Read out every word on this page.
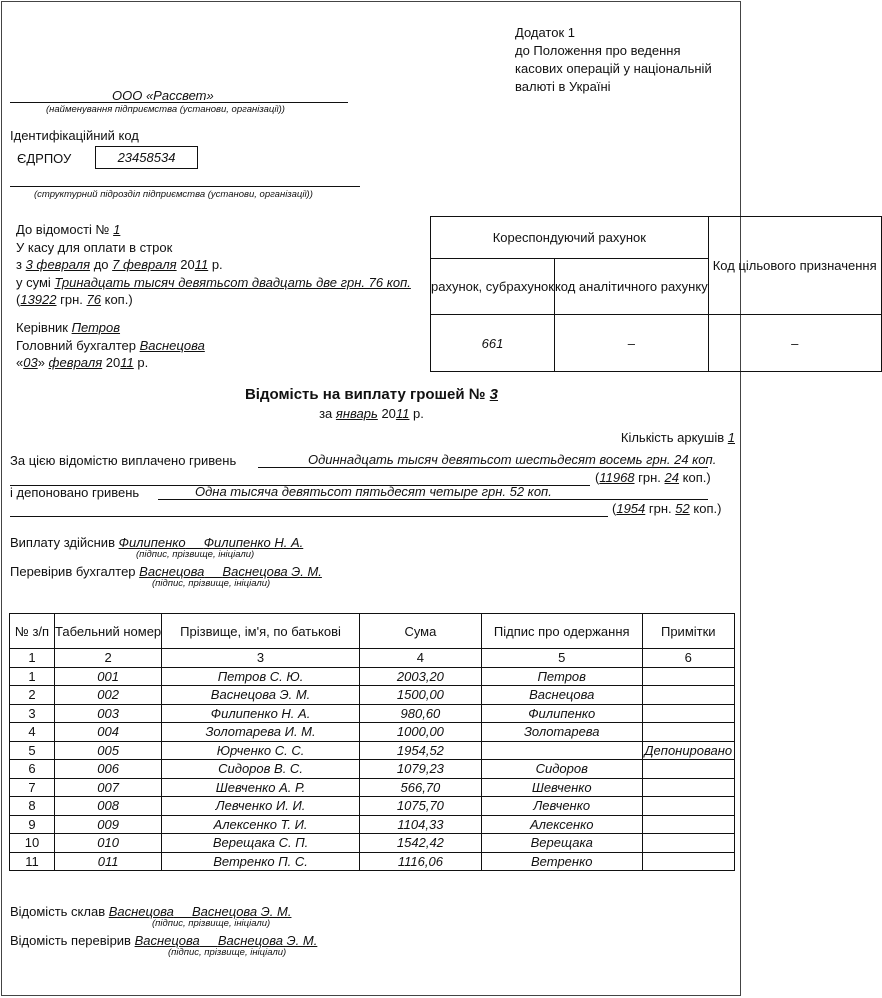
Додаток 1
до Положення про ведення
касових операцій у національній
валюті в Україні
ООО «Рассвет»
(найменування підприємства (установи, організації))
Ідентифікаційний код
ЄДРПОУ	23458534
(структурний підрозділ підприємства (установи, організації))
До відомості № 1
У касу для оплати в строк
з 3 февраля до 7 февраля 2011 р.
у сумі Тринадцать тысяч девятьсот двадцать две грн. 76 коп.
(13922 грн. 76 коп.)
Керівник Петров
Головний бухгалтер Васнецова
«03» февраля 2011 р.
Кореспондуючий рахунок		Код цільового призначення
рахунок, субрахунок	код аналітичного рахунку	
661	–	–
Відомість на виплату грошей № 3
за январь 2011 р.
Кількість аркушів 1
За цією відомістю виплачено гривень	Одиннадцать тысяч девятьсот шестьдесят восемь грн. 24 коп.
(11968 грн. 24 коп.)
і депоновано гривень	Одна тысяча девятьсот пятьдесят четыре грн. 52 коп.
(1954 грн. 52 коп.)
Виплату здійснив Филипенко Филипенко Н. А.
(підпис, прізвище, ініціали)
Перевірив бухгалтер Васнецова Васнецова Э. М.
(підпис, прізвище, ініціали)
№ з/п	Табельний номер	Прізвище, ім'я, по батькові	Сума	Підпис про одержання	Примітки
1	2	3	4	5	6
1	001	Петров С. Ю.	2003,20	Петров	
2	002	Васнецова Э. М.	1500,00	Васнецова	
3	003	Филипенко Н. А.	980,60	Филипенко	
4	004	Золотарева И. М.	1000,00	Золотарева	
5	005	Юрченко С. С.	1954,52		Депонировано
6	006	Сидоров В. С.	1079,23	Сидоров	
7	007	Шевченко А. Р.	566,70	Шевченко	
8	008	Левченко И. И.	1075,70	Левченко	
9	009	Алексенко Т. И.	1104,33	Алексенко	
10	010	Верещака С. П.	1542,42	Верещака	
11	011	Ветренко П. С.	1116,06	Ветренко	
Відомість склав Васнецова Васнецова Э. М.
(підпис, прізвище, ініціали)
Відомість перевірив Васнецова Васнецова Э. М.
(підпис, прізвище, ініціали)
